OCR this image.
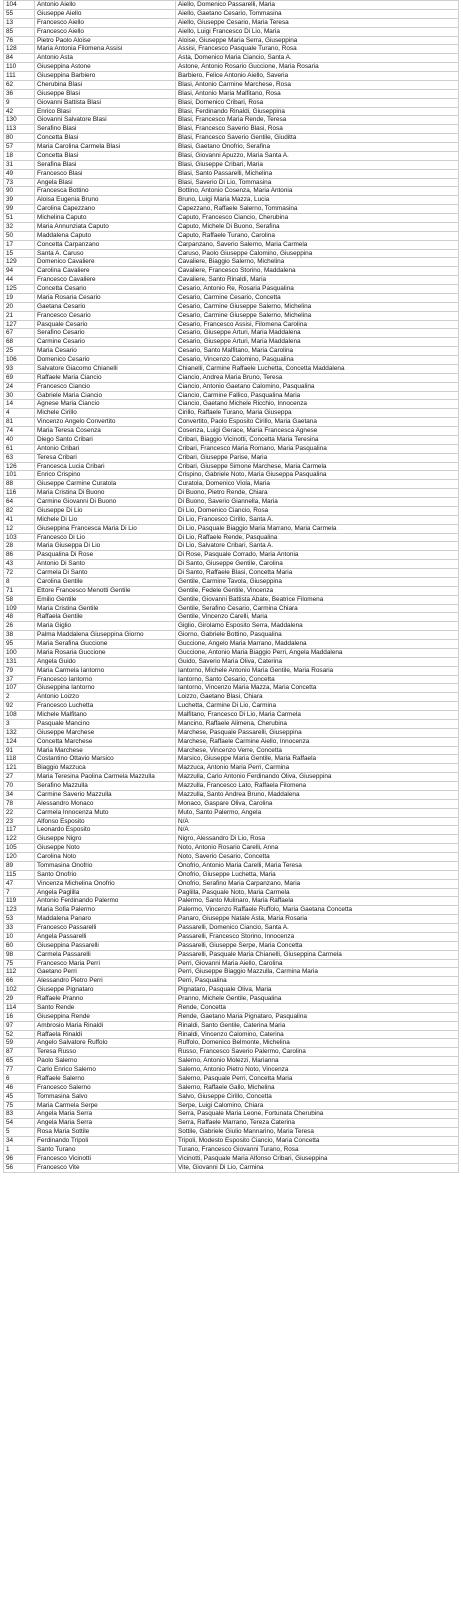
104	Antonio Aiello	Aiello, Domenico Passarelli, Maria
55	Giuseppe Aiello	Aiello, Gaetano Cesario, Tommasina
13	Francesco Aiello	Aiello, Giuseppe Cesario, Maria Teresa
85	Francesco Aiello	Aiello, Luigi Francesco Di Lio, Maria
76	Pietro Paolo Aloise	Aloise, Giuseppe Maria Serra, Giuseppina
128	Maria Antonia Filomena Assisi	Assisi, Francesco Pasquale Turano, Rosa
84	Antonio Asta	Asta, Domenico Maria Ciancio, Santa A.
110	Giuseppina Astone	Astone, Antonio Rosario Guccione, Maria Rosaria
111	Giuseppina Barbiero	Barbiero, Felice Antonio Aiello, Saveria
62	Cherubina Blasi	Blasi, Antonio Carmine Marchese, Rosa
36	Giuseppe Blasi	Blasi, Antonio Maria Malfitano, Rosa
9	Giovanni Battista Blasi	Blasi, Domenico Cribari, Rosa
42	Enrico Blasi	Blasi, Ferdinando Rinaldi, Giuseppina
130	Giovanni Salvatore Blasi	Blasi, Francesco Maria Rende, Teresa
113	Serafino Blasi	Blasi, Francesco Saverio Blasi, Rosa
80	Concetta Blasi	Blasi, Francesco Saverio Gentile, Giuditta
57	Maria Carolina Carmela Blasi	Blasi, Gaetano Onofrio, Serafina
18	Concetta Blasi	Blasi, Giovanni Apuzzo, Maria Santa A.
31	Serafina Blasi	Blasi, Giuseppe Cribari, Maria
49	Francesco Blasi	Blasi, Santo Passarelli, Michelina
73	Angela Blasi	Blasi, Saverio Di Lio, Tommasina
90	Francesca Bottino	Bottino, Antonio Cosenza, Maria Antonia
39	Aloisa Eugenia Bruno	Bruno, Luigi Maria Mazza, Lucia
99	Carolina Capezzano	Capezzano, Raffaele Salerno, Tommasina
51	Michelina Caputo	Caputo, Francesco Ciancio, Cherubina
32	Maria Annunziata Caputo	Caputo, Michele Di Buono, Serafina
50	Maddalena Caputo	Caputo, Raffaele Turano, Carolina
17	Concetta Carpanzano	Carpanzano, Saverio Salerno, Maria Carmela
15	Santa A. Caruso	Caruso, Paolo Giuseppe Calomino, Giuseppina
129	Domenico Cavaliere	Cavaliere, Biaggio Salerno, Michelina
94	Carolina Cavaliere	Cavaliere, Francesco Storino, Maddalena
44	Francesco Cavaliere	Cavaliere, Santo Rinaldi, Maria
125	Concetta Cesario	Cesario, Antonio Re, Rosaria Pasqualina
19	Maria Rosaria Cesario	Cesario, Carmine Cesario, Concetta
20	Gaetana Cesario	Cesario, Carmine Giuseppe Salerno, Michelina
21	Francesco Cesario	Cesario, Carmine Giuseppe Salerno, Michelina
127	Pasquale Cesario	Cesario, Francesco Assisi, Filomena Carolina
67	Serafino Cesario	Cesario, Giuseppe Arturi, Maria Maddalena
68	Carmine Cesario	Cesario, Giuseppe Arturi, Maria Maddalena
25	Maria Cesario	Cesario, Santo Malfitano, Maria Carolina
106	Domenico Cesario	Cesario, Vincenzo Calomino, Pasqualina
93	Salvatore Giacomo Chianelli	Chianelli, Carmine Raffaele Luchetta, Concetta Maddalena
69	Raffaele Maria Ciancio	Ciancio, Andrea Maria Bruno, Teresa
24	Francesco Ciancio	Ciancio, Antonio Gaetano Calomino, Pasqualina
30	Gabriele Maria Ciancio	Ciancio, Carmine Fallico, Pasqualina Maria
14	Agnese Maria Ciancio	Ciancio, Gaetano Michele Ricchio, Innocenza
4	Michele Cirillo	Cirillo, Raffaele Turano, Maria Giuseppa
81	Vincenzo Angelo Convertito	Convertito, Paolo Esposito Cirillo, Maria Gaetana
74	Maria Teresa Cosenza	Cosenza, Luigi Gerace, Maria Francesca Agnese
40	Diego Santo Cribari	Cribari, Biaggio Vicinotti, Concetta Maria Teresina
61	Antonio Cribari	Cribari, Francesco Maria Romano, Maria Pasqualina
63	Teresa Cribari	Cribari, Giuseppe Parise, Maria
126	Francesca Lucia Cribari	Cribari, Giuseppe Simone Marchese, Maria Carmela
101	Enrico Crispino	Crispino, Gabriele Noto, Maria Giuseppa Pasqualina
88	Giuseppe Carmine Curatola	Curatola, Domenico Viola, Maria
116	Maria Cristina Di Buono	Di Buono, Pietro Rende, Chiara
64	Carmine Giovanni Di Buono	Di Buono, Saverio Giannella, Maria
82	Giuseppe Di Lio	Di Lio, Domenico Ciancio, Rosa
41	Michele Di Lio	Di Lio, Francesco Cirillo, Santa A.
12	Giuseppina Francesca Maria Di Lio	Di Lio, Pasquale Biaggio Maria Marrano, Maria Carmela
103	Francesco Di Lio	Di Lio, Raffaele Rende, Pasqualina
28	Maria Giuseppa Di Lio	Di Lio, Salvatore Cribari, Santa A.
86	Pasqualina Di Rose	Di Rose, Pasquale Corrado, Maria Antonia
43	Antonio Di Santo	Di Santo, Giuseppe Gentile, Carolina
72	Carmela Di Santo	Di Santo, Raffaele Blasi, Concetta Maria
8	Carolina Gentile	Gentile, Carmine Tavola, Giuseppina
71	Ettore Francesco Menotti Gentile	Gentile, Fedele Gentile, Vincenza
58	Emilio Gentile	Gentile, Giovanni Battista Abate, Beatrice Filomena
109	Maria Cristina Gentile	Gentile, Serafino Cesario, Carmina Chiara
48	Raffaela Gentile	Gentile, Vincenzo Carelli, Maria
26	Maria Giglio	Giglio, Girolamo Esposito Serra, Maddalena
38	Palma Maddalena Giuseppina Giorno	Giorno, Gabriele Bottino, Pasqualina
95	Maria Serafina Guccione	Guccione, Angelo Maria Marrano, Maddalena
100	Maria Rosaria Guccione	Guccione, Antonio Maria Biaggio Perri, Angela Maddalena
131	Angela Guido	Guido, Saverio Maria Oliva, Caterina
79	Maria Carmela Iantorno	Iantorno, Michele Antonio Maria Gentile, Maria Rosaria
37	Francesco Iantorno	Iantorno, Santo Cesario, Concetta
107	Giuseppina Iantorno	Iantorno, Vincenzo Maria Mazza, Maria Concetta
2	Antonio Loizzo	Loizzo, Gaetano Blasi, Chiara
92	Francesco Luchetta	Luchetta, Carmine Di Lio, Carmina
108	Michele Malfitano	Malfitano, Francesco Di Lio, Maria Carmela
3	Pasquale Mancino	Mancino, Raffaele Alimena, Cherubina
132	Giuseppe Marchese	Marchese, Pasquale Passarelli, Giuseppina
124	Concetta Marchese	Marchese, Raffaele Carmine Aiello, Innocenza
91	Maria Marchese	Marchese, Vincenzo Verre, Concetta
118	Costantino Ottavio Marsico	Marsico, Giuseppe Maria Gentile, Maria Raffaela
121	Biaggio Mazzuca	Mazzuca, Antonio Maria Perri, Carmina
27	Maria Teresina Paolina Carmela Mazzulla	Mazzulla, Carlo Antonio Ferdinando Oliva, Giuseppina
70	Serafino Mazzulla	Mazzulla, Francesco Lato, Raffaela Filomena
34	Carmine Saverio Mazzulla	Mazzulla, Santo Andrea Bruno, Maddalena
78	Alessandro Monaco	Monaco, Gaspare Oliva, Carolina
22	Carmela Innocenza Muto	Muto, Santo Palermo, Angela
23	Alfonso Esposito	N/A
117	Leonardo Esposito	N/A
122	Giuseppe Nigro	Nigro, Alessandro Di Lio, Rosa
105	Giuseppe Noto	Noto, Antonio Rosario Carelli, Anna
120	Carolina Noto	Noto, Saverio Cesario, Concetta
89	Tommasina Onofrio	Onofrio, Antonio Maria Carelli, Maria Teresa
115	Santo Onofrio	Onofrio, Giuseppe Luchetta, Maria
47	Vincenza Michelina Onofrio	Onofrio, Serafino Maria Carpanzano, Maria
7	Angela Paglilla	Paglilla, Pasquale Noto, Maria Carmela
119	Antonio Ferdinando Palermo	Palermo, Santo Mulinaro, Maria Raffaela
123	Maria Sofia Palermo	Palermo, Vincenzo Raffaele Ruffolo, Maria Gaetana Concetta
53	Maddalena Panaro	Panaro, Giuseppe Natale Asta, Maria Rosaria
33	Francesco Passarelli	Passarelli, Domenico Ciancio, Santa A.
10	Angela Passarelli	Passarelli, Francesco Storino, Innocenza
60	Giuseppina Passarelli	Passarelli, Giuseppe Serpe, Maria Concetta
98	Carmela Passarelli	Passarelli, Pasquale Maria Chianelli, Giuseppina Carmela
75	Francesco Maria Perri	Perri, Giovanni Maria Aiello, Carolina
112	Gaetano Perri	Perri, Giuseppe Biaggio Mazzulla, Carmina Maria
66	Alessandro Pietro Perri	Perri, Pasqualina
102	Giuseppe Pignataro	Pignataro, Pasquale Oliva, Maria
29	Raffaele Pranno	Pranno, Michele Gentile, Pasqualina
114	Santo Rende	Rende, Concetta
16	Giuseppina Rende	Rende, Gaetano Maria Pignataro, Pasqualina
97	Ambrosio Maria Rinaldi	Rinaldi, Santo Gentile, Caterina Maria
52	Raffaela Rinaldi	Rinaldi, Vincenzo Calomino, Caterina
59	Angelo Salvatore Ruffolo	Ruffolo, Domenico Belmonte, Michelina
87	Teresa Russo	Russo, Francesco Saverio Palermo, Carolina
65	Paolo Salerno	Salerno, Antonio Molezzi, Marianna
77	Carlo Enrico Salerno	Salerno, Antonio Pietro Noto, Vincenza
6	Raffaele Salerno	Salerno, Pasquale Perri, Concetta Maria
46	Francesco Salerno	Salerno, Raffaele Gallo, Michelina
45	Tommasina Salvo	Salvo, Giuseppe Cirillo, Concetta
75	Maria Carmela Serpe	Serpe, Luigi Calomino, Chiara
83	Angela Maria Serra	Serra, Pasquale Maria Leone, Fortunata Cherubina
54	Angela Maria Serra	Serra, Raffaele Marrano, Tereza Caterina
5	Rosa Maria Sottile	Sottile, Gabriele Giulio Mannarino, Maria Teresa
34	Ferdinando Tripoli	Tripoli, Modesto Esposito Ciancio, Maria Concetta
1	Santo Turano	Turano, Francesco Giovanni Turano, Rosa
96	Francesco Vicinotti	Vicinotti, Pasquale Maria Alfonso Cribari, Giuseppina
56	Francesco Vite	Vite, Giovanni Di Lio, Carmina
